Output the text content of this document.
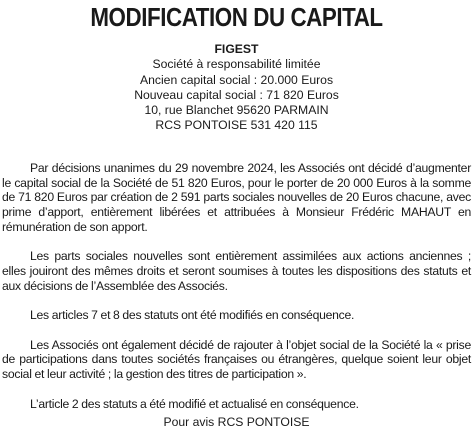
MODIFICATION DU CAPITAL
FIGEST
Société à responsabilité limitée
Ancien capital social : 20.000 Euros
Nouveau capital social : 71 820 Euros
10, rue Blanchet 95620 PARMAIN
RCS PONTOISE 531 420 115

Par décisions unanimes du 29 novembre 2024, les Associés ont décidé d’augmenter le capital social de la Société de 51 820 Euros, pour le porter de 20 000 Euros à la somme de 71 820 Euros par création de 2 591 parts sociales nouvelles de 20 Euros chacune, avec prime d’apport, entièrement libérées et attribuées à Monsieur Frédéric MAHAUT en rémunération de son apport.

Les parts sociales nouvelles sont entièrement assimilées aux actions anciennes ; elles jouiront des mêmes droits et seront soumises à toutes les dispositions des statuts et aux décisions de l’Assemblée des Associés.

Les articles 7 et 8 des statuts ont été modifiés en conséquence.

Les Associés ont également décidé de rajouter à l’objet social de la Société la « prise de participations dans toutes sociétés françaises ou étrangères, quelque soient leur objet social et leur activité ; la gestion des titres de participation ».

L’article 2 des statuts a été modifié et actualisé en conséquence.

Pour avis RCS PONTOISE
